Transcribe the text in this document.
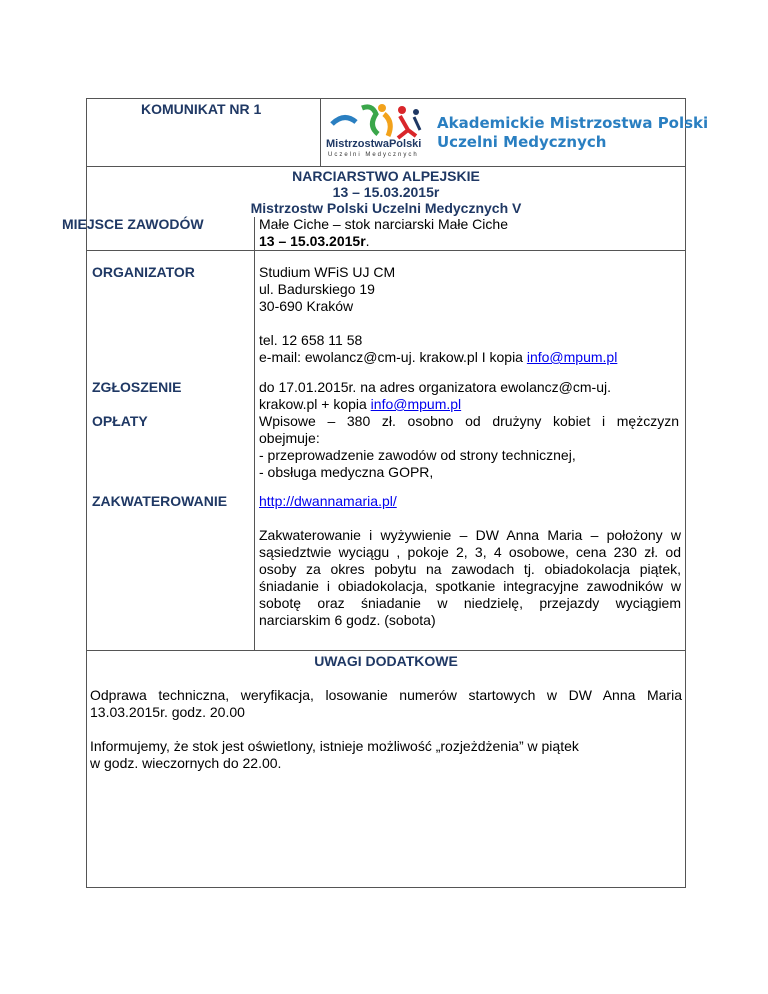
KOMUNIKAT NR 1
MistrzostwaPolski
Uczelni Medycznych
Akademickie Mistrzostwa Polski
Uczelni Medycznych
NARCIARSTWO ALPEJSKIE
13 – 15.03.2015r
Mistrzostw Polski Uczelni Medycznych V
MIEJSCE ZAWODÓW	Małe Ciche – stok narciarski Małe Ciche
13 – 15.03.2015r.
ORGANIZATOR	Studium WFiS UJ CM
ul. Badurskiego 19
30-690 Kraków
tel. 12 658 11 58
e-mail: ewolancz@cm-uj. krakow.pl I kopia info@mpum.pl
ZGŁOSZENIE	do 17.01.2015r. na adres organizatora ewolancz@cm-uj.
krakow.pl + kopia info@mpum.pl
OPŁATY	Wpisowe – 380 zł. osobno od drużyny kobiet i mężczyzn
obejmuje:
- przeprowadzenie zawodów od strony technicznej,
- obsługa medyczna GOPR,
ZAKWATEROWANIE http://dwannamaria.pl/
Zakwaterowanie i wyżywienie – DW Anna Maria – położony w sąsiedztwie wyciągu , pokoje 2, 3, 4 osobowe, cena 230 zł. od osoby za okres pobytu na zawodach tj. obiadokolacja piątek, śniadanie i obiadokolacja, spotkanie integracyjne zawodników w sobotę oraz śniadanie w niedzielę, przejazdy wyciągiem narciarskim 6 godz. (sobota)
UWAGI DODATKOWE
Odprawa techniczna, weryfikacja, losowanie numerów startowych w DW Anna Maria 13.03.2015r. godz. 20.00
Informujemy, że stok jest oświetlony, istnieje możliwość „rozjeżdżenia” w piątek
w godz. wieczornych do 22.00.
